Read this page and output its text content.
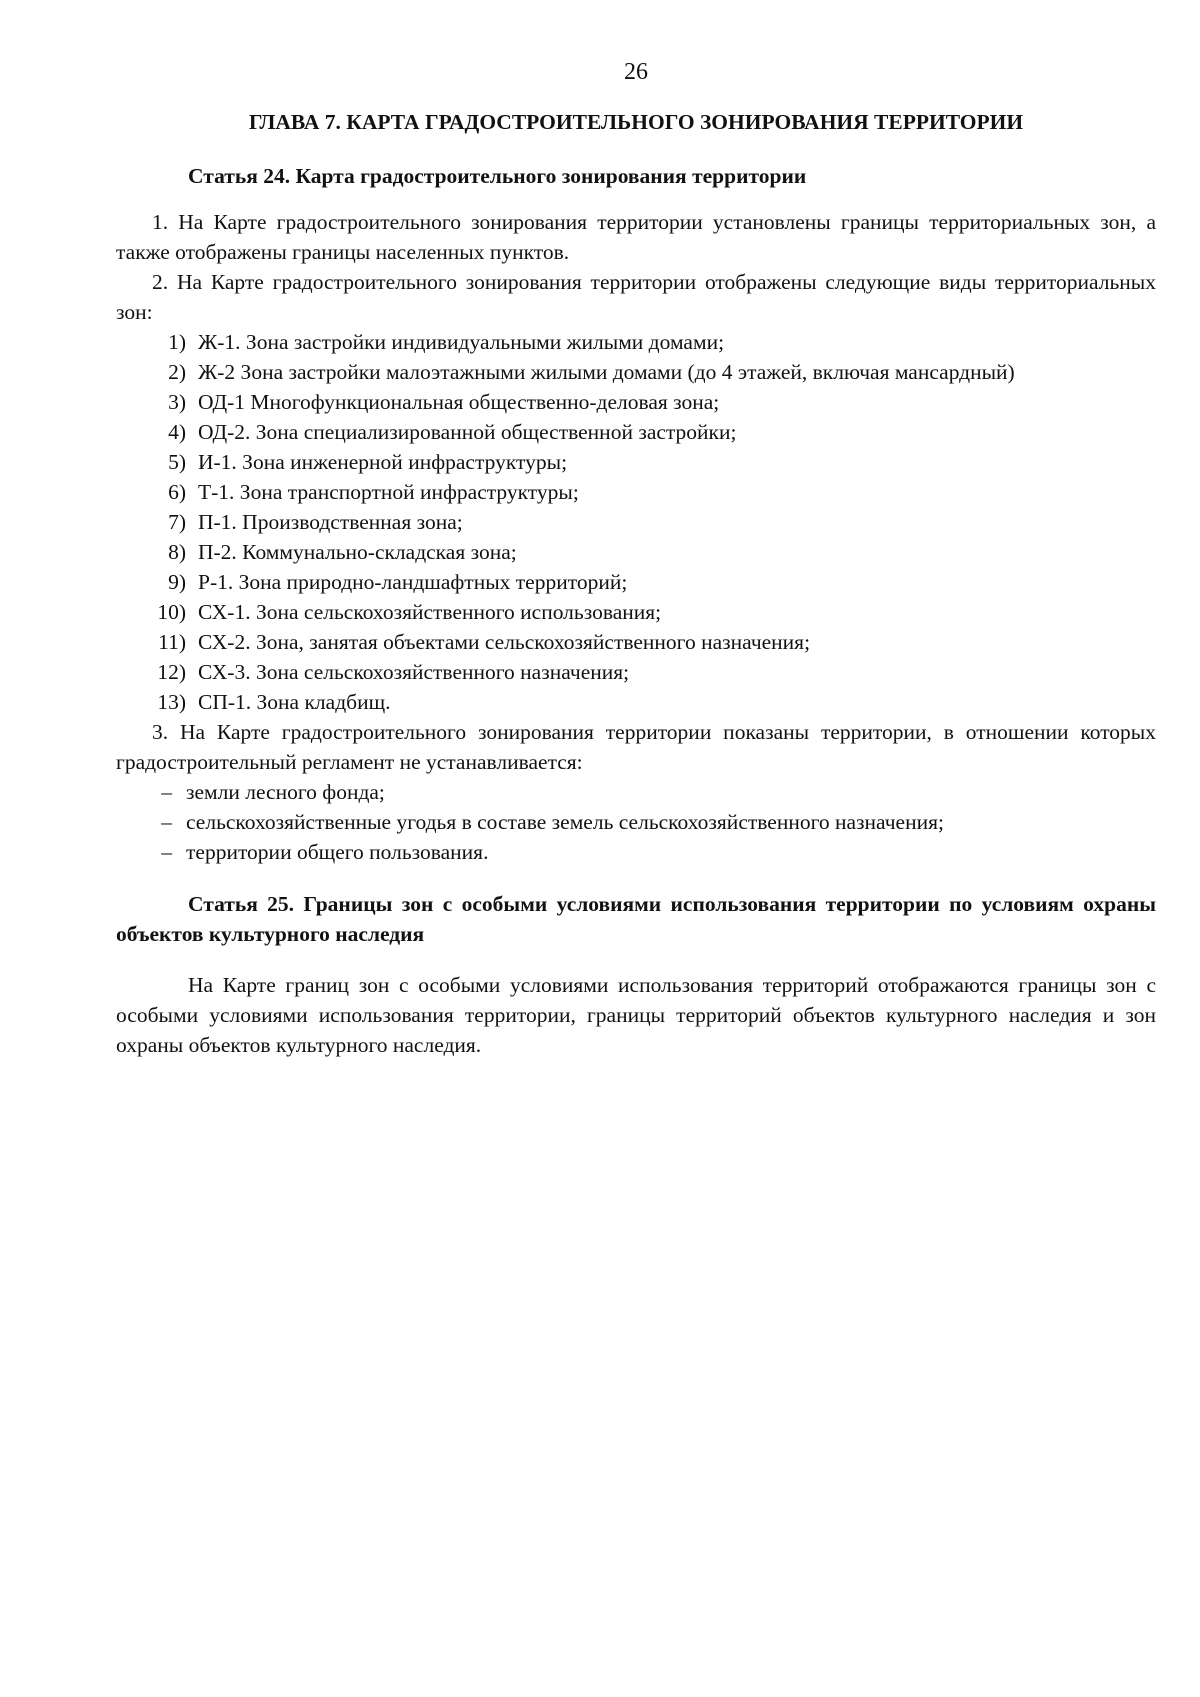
26
ГЛАВА 7. КАРТА ГРАДОСТРОИТЕЛЬНОГО ЗОНИРОВАНИЯ ТЕРРИТОРИИ
Статья 24. Карта градостроительного зонирования территории

1. На Карте градостроительного зонирования территории установлены границы территориальных зон, а также отображены границы населенных пунктов.

2. На Карте градостроительного зонирования территории отображены следующие виды территориальных зон:

1) Ж-1. Зона застройки индивидуальными жилыми домами;
2) Ж-2 Зона застройки малоэтажными жилыми домами (до 4 этажей, включая мансардный)
3) ОД-1 Многофункциональная общественно-деловая зона;
4) ОД-2. Зона специализированной общественной застройки;
5) И-1. Зона инженерной инфраструктуры;
6) Т-1. Зона транспортной инфраструктуры;
7) П-1. Производственная зона;
8) П-2. Коммунально-складская зона;
9) Р-1. Зона природно-ландшафтных территорий;
10) СХ-1. Зона сельскохозяйственного использования;
11) СХ-2. Зона, занятая объектами сельскохозяйственного назначения;
12) СХ-3. Зона сельскохозяйственного назначения;
13) СП-1. Зона кладбищ.

3. На Карте градостроительного зонирования территории показаны территории, в отношении которых градостроительный регламент не устанавливается:

– земли лесного фонда;
– сельскохозяйственные угодья в составе земель сельскохозяйственного назначения;
– территории общего пользования.
Статья 25. Границы зон с особыми условиями использования территории по условиям охраны объектов культурного наследия

На Карте границ зон с особыми условиями использования территорий отображаются границы зон с особыми условиями использования территории, границы территорий объектов культурного наследия и зон охраны объектов культурного наследия.
